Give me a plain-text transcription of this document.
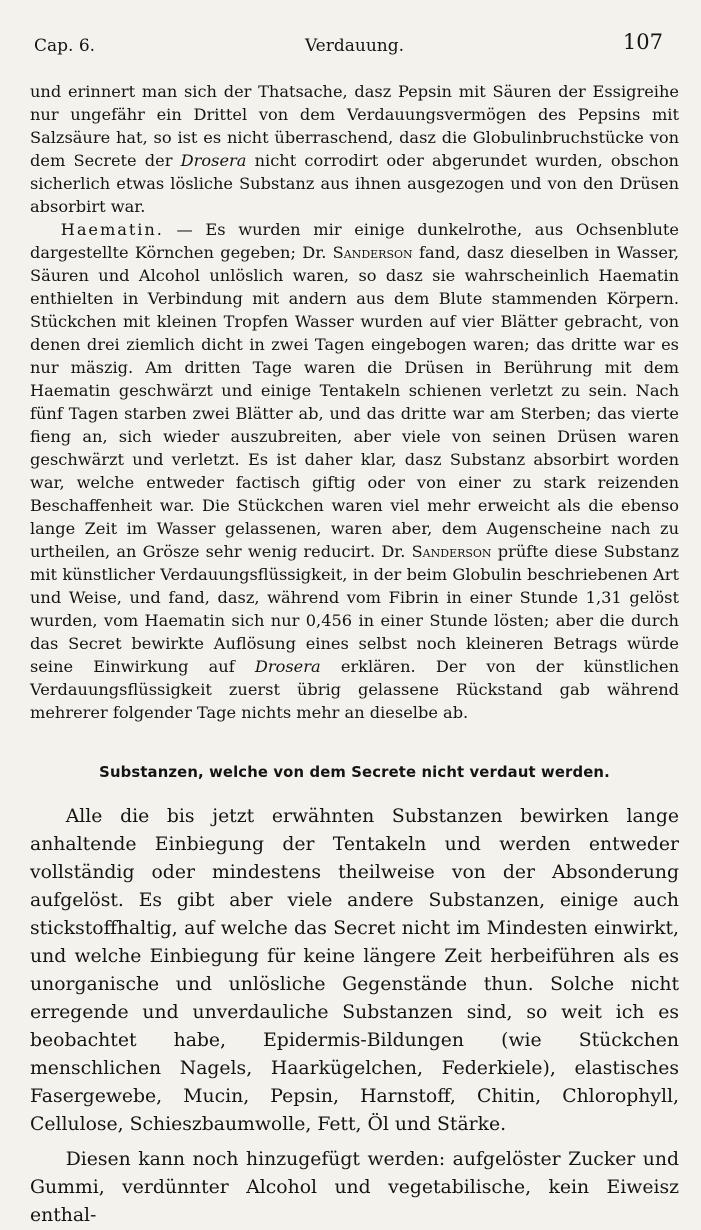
Cap. 6.	Verdauung.	107

und erinnert man sich der Thatsache, dasz Pepsin mit Säuren der Essigreihe nur ungefähr ein Drittel von dem Verdauungsvermögen des Pepsins mit Salzsäure hat, so ist es nicht überraschend, dasz die Globulinbruchstücke von dem Secrete der Drosera nicht corrodirt oder abgerundet wurden, obschon sicherlich etwas lösliche Substanz aus ihnen ausgezogen und von den Drüsen absorbirt war.

Haematin. — Es wurden mir einige dunkelrothe, aus Ochsenblute dargestellte Körnchen gegeben; Dr. Sanderson fand, dasz dieselben in Wasser, Säuren und Alcohol unlöslich waren, so dasz sie wahrscheinlich Haematin enthielten in Verbindung mit andern aus dem Blute stammenden Körpern. Stückchen mit kleinen Tropfen Wasser wurden auf vier Blätter gebracht, von denen drei ziemlich dicht in zwei Tagen eingebogen waren; das dritte war es nur mäszig. Am dritten Tage waren die Drüsen in Berührung mit dem Haematin geschwärzt und einige Tentakeln schienen verletzt zu sein. Nach fünf Tagen starben zwei Blätter ab, und das dritte war am Sterben; das vierte fieng an, sich wieder auszubreiten, aber viele von seinen Drüsen waren geschwärzt und verletzt. Es ist daher klar, dasz Substanz absorbirt worden war, welche entweder factisch giftig oder von einer zu stark reizenden Beschaffenheit war. Die Stückchen waren viel mehr erweicht als die ebenso lange Zeit im Wasser gelassenen, waren aber, dem Augenscheine nach zu urtheilen, an Grösze sehr wenig reducirt. Dr. Sanderson prüfte diese Substanz mit künstlicher Verdauungsflüssigkeit, in der beim Globulin beschriebenen Art und Weise, und fand, dasz, während vom Fibrin in einer Stunde 1,31 gelöst wurden, vom Haematin sich nur 0,456 in einer Stunde lösten; aber die durch das Secret bewirkte Auflösung eines selbst noch kleineren Betrags würde seine Einwirkung auf Drosera erklären. Der von der künstlichen Verdauungsflüssigkeit zuerst übrig gelassene Rückstand gab während mehrerer folgender Tage nichts mehr an dieselbe ab.

Substanzen, welche von dem Secrete nicht verdaut werden.

Alle die bis jetzt erwähnten Substanzen bewirken lange anhaltende Einbiegung der Tentakeln und werden entweder vollständig oder mindestens theilweise von der Absonderung aufgelöst. Es gibt aber viele andere Substanzen, einige auch stickstoffhaltig, auf welche das Secret nicht im Mindesten einwirkt, und welche Einbiegung für keine längere Zeit herbeiführen als es unorganische und unlösliche Gegenstände thun. Solche nicht erregende und unverdauliche Substanzen sind, so weit ich es beobachtet habe, Epidermis-Bildungen (wie Stückchen menschlichen Nagels, Haarkügelchen, Federkiele), elastisches Fasergewebe, Mucin, Pepsin, Harnstoff, Chitin, Chlorophyll, Cellulose, Schieszbaumwolle, Fett, Öl und Stärke.

Diesen kann noch hinzugefügt werden: aufgelöster Zucker und Gummi, verdünnter Alcohol und vegetabilische, kein Eiweisz enthal-
